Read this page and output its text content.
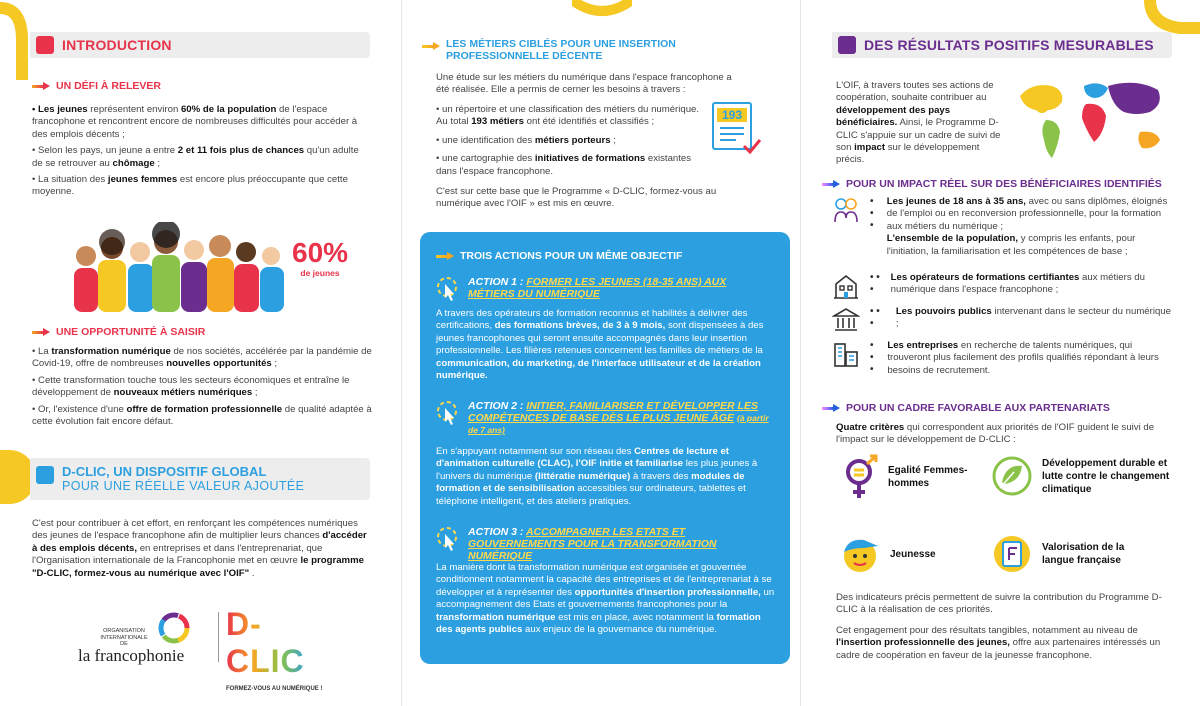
INTRODUCTION
UN DÉFI À RELEVER

• Les jeunes représentent environ 60% de la population de l'espace francophone et rencontrent encore de nombreuses difficultés pour accéder à des emplois décents ;

• Selon les pays, un jeune a entre 2 et 11 fois plus de chances qu'un adulte de se retrouver au chômage ;

• La situation des jeunes femmes est encore plus préoccupante que cette moyenne.

60%
de jeunes
UNE OPPORTUNITÉ À SAISIR

• La transformation numérique de nos sociétés, accélérée par la pandémie de Covid-19, offre de nombreuses nouvelles opportunités ;

• Cette transformation touche tous les secteurs économiques et entraîne le développement de nouveaux métiers numériques ;

• Or, l'existence d'une offre de formation professionnelle de qualité adaptée à cette évolution fait encore défaut.

D-CLIC, UN DISPOSITIF GLOBAL
POUR UNE RÉELLE VALEUR AJOUTÉE

C'est pour contribuer à cet effort, en renforçant les compétences numériques des jeunes de l'espace francophone afin de multiplier leurs chances d'accéder à des emplois décents, en entreprises et dans l'entreprenariat, que l'Organisation internationale de la Francophonie met en œuvre le programme "D-CLIC, formez-vous au numérique avec l'OIF" .

ORGANISATION INTERNATIONALE DE
la francophonie
D-CLIC
FORMEZ-VOUS AU NUMÉRIQUE !
LES MÉTIERS CIBLÉS POUR UNE INSERTION
PROFESSIONNELLE DÉCENTE
Une étude sur les métiers du numérique dans l'espace francophone a été réalisée. Elle a permis de cerner les besoins à travers :

• un répertoire et une classification des métiers du numérique. Au total 193 métiers ont été identifiés et classifiés ;

• une identification des métiers porteurs ;

• une cartographie des initiatives de formations existantes dans l'espace francophone.

193
C'est sur cette base que le Programme « D-CLIC, formez-vous au numérique avec l'OIF » est mis en œuvre.
TROIS ACTIONS POUR UN MÊME OBJECTIF
ACTION 1 : FORMER LES JEUNES (18-35 ANS) AUX MÉTIERS DU NUMÉRIQUE
A travers des opérateurs de formation reconnus et habilités à délivrer des certifications, des formations brèves, de 3 à 9 mois, sont dispensées à des jeunes francophones qui seront ensuite accompagnés dans leur insertion professionnelle. Les filières retenues concernent les familles de métiers de la communication, du marketing, de l'interface utilisateur et de la création numérique.
ACTION 2 : INITIER, FAMILIARISER ET DÉVELOPPER LES COMPÉTENCES DE BASE DÈS LE PLUS JEUNE ÂGE (à partir de 7 ans)
En s'appuyant notamment sur son réseau des Centres de lecture et d'animation culturelle (CLAC), l'OIF initie et familiarise les plus jeunes à l'univers du numérique (littératie numérique) à travers des modules de formation et de sensibilisation accessibles sur ordinateurs, tablettes et téléphone intelligent, et des ateliers pratiques.
ACTION 3 : ACCOMPAGNER LES ETATS ET GOUVERNEMENTS POUR LA TRANSFORMATION NUMÉRIQUE
La manière dont la transformation numérique est organisée et gouvernée conditionnent notamment la capacité des entreprises et de l'entreprenariat à se développer et à représenter des opportunités d'insertion professionnelle, un accompagnement des Etats et gouvernements francophones pour la transformation numérique est mis en place, avec notamment la formation des agents publics aux enjeux de la gouvernance du numérique.
DES RÉSULTATS POSITIFS MESURABLES
L'OIF, à travers toutes ses actions de coopération, souhaite contribuer au développement des pays bénéficiaires. Ainsi, le Programme D-CLIC s'appuie sur un cadre de suivi de son impact sur le développement précis.
POUR UN IMPACT RÉEL SUR DES BÉNÉFICIAIRES IDENTIFIÉS
• • •
Les jeunes de 18 ans à 35 ans, avec ou sans diplômes, éloignés de l'emploi ou en reconversion professionnelle, pour la formation aux métiers du numérique ;
L'ensemble de la population, y compris les enfants, pour l'initiation, la familiarisation et les compétences de base ;
• • •
Les opérateurs de formations certifiantes aux métiers du numérique dans l'espace francophone ;
• • •
Les pouvoirs publics intervenant dans le secteur du numérique ;
• • •
Les entreprises en recherche de talents numériques, qui trouveront plus facilement des profils qualifiés répondant à leurs besoins de recrutement.
POUR UN CADRE FAVORABLE AUX PARTENARIATS
Quatre critères qui correspondent aux priorités de l'OIF guident le suivi de l'impact sur le développement de D-CLIC :
Egalité Femmes-hommes
Développement durable et lutte contre le changement climatique
Jeunesse
Valorisation de la langue française

Des indicateurs précis permettent de suivre la contribution du Programme D-CLIC à la réalisation de ces priorités.

Cet engagement pour des résultats tangibles, notamment au niveau de l'insertion professionnelle des jeunes, offre aux partenaires intéressés un cadre de coopération en faveur de la jeunesse francophone.
